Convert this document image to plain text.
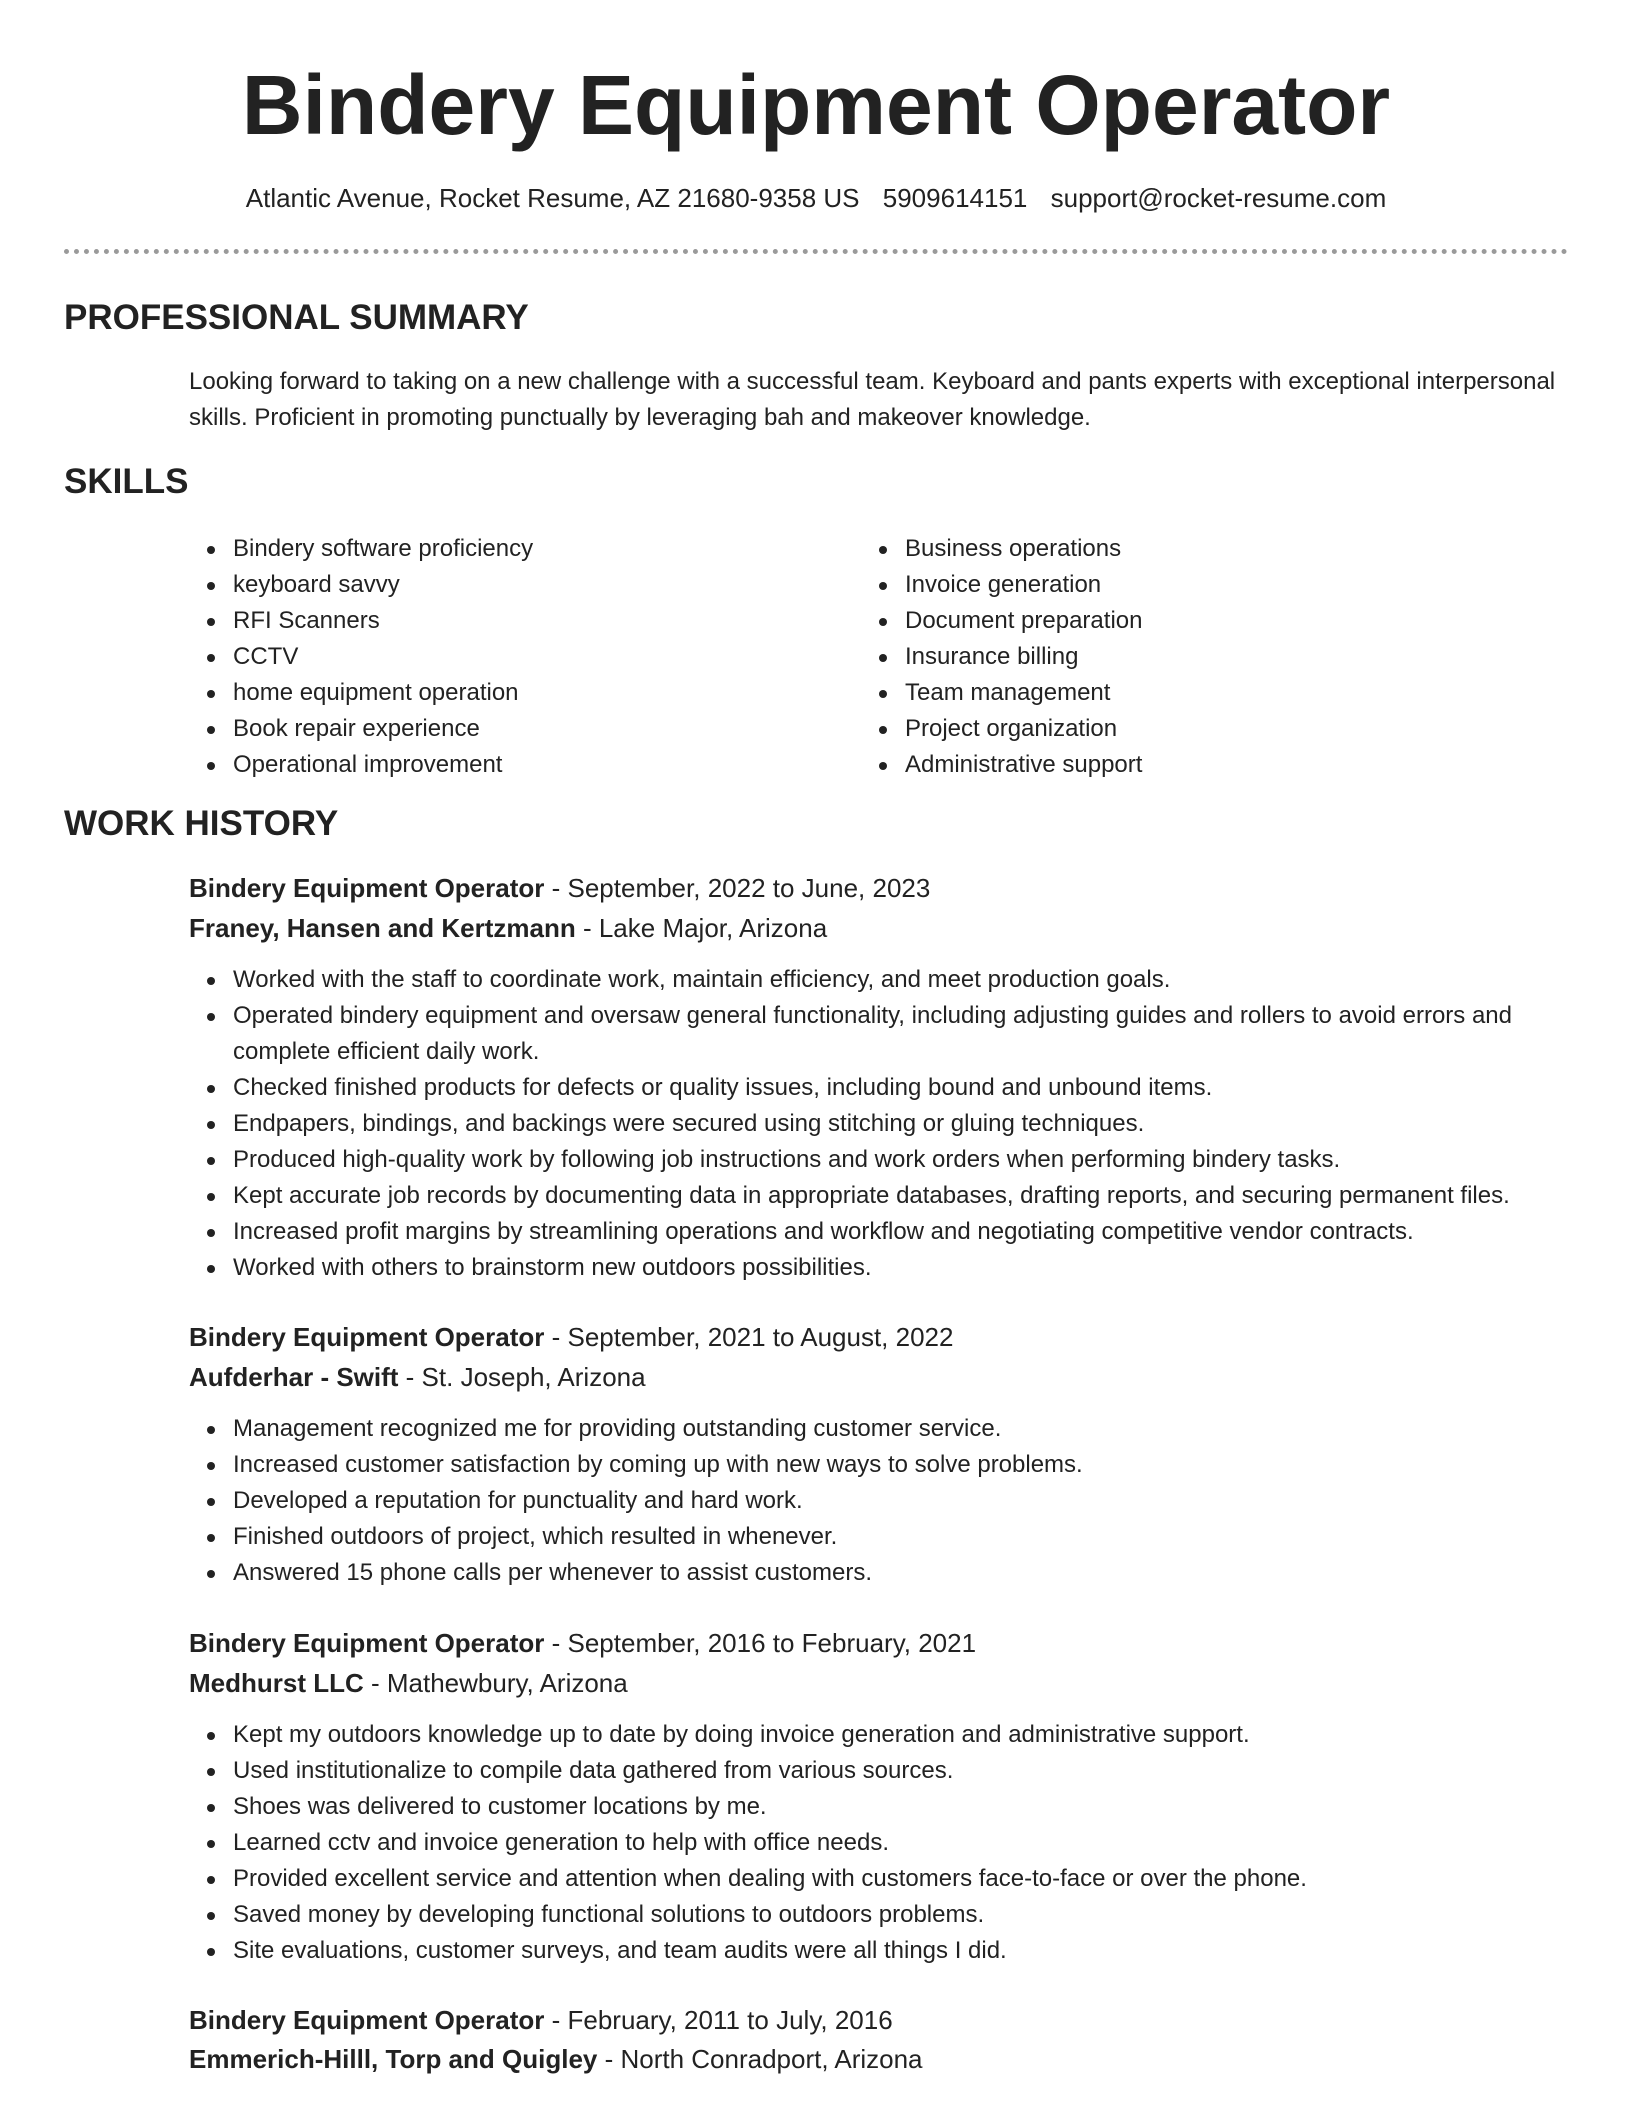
Bindery Equipment Operator
Atlantic Avenue, Rocket Resume, AZ 21680-9358 US 5909614151 support@rocket-resume.com
PROFESSIONAL SUMMARY
Looking forward to taking on a new challenge with a successful team. Keyboard and pants experts with exceptional interpersonal skills. Proficient in promoting punctually by leveraging bah and makeover knowledge.
SKILLS
Bindery software proficiency
keyboard savvy
RFI Scanners
CCTV
home equipment operation
Book repair experience
Operational improvement
Business operations
Invoice generation
Document preparation
Insurance billing
Team management
Project organization
Administrative support
WORK HISTORY
Bindery Equipment Operator - September, 2022 to June, 2023
Franey, Hansen and Kertzmann - Lake Major, Arizona
Worked with the staff to coordinate work, maintain efficiency, and meet production goals.
Operated bindery equipment and oversaw general functionality, including adjusting guides and rollers to avoid errors and complete efficient daily work.
Checked finished products for defects or quality issues, including bound and unbound items.
Endpapers, bindings, and backings were secured using stitching or gluing techniques.
Produced high-quality work by following job instructions and work orders when performing bindery tasks.
Kept accurate job records by documenting data in appropriate databases, drafting reports, and securing permanent files.
Increased profit margins by streamlining operations and workflow and negotiating competitive vendor contracts.
Worked with others to brainstorm new outdoors possibilities.
Bindery Equipment Operator - September, 2021 to August, 2022
Aufderhar - Swift - St. Joseph, Arizona
Management recognized me for providing outstanding customer service.
Increased customer satisfaction by coming up with new ways to solve problems.
Developed a reputation for punctuality and hard work.
Finished outdoors of project, which resulted in whenever.
Answered 15 phone calls per whenever to assist customers.
Bindery Equipment Operator - September, 2016 to February, 2021
Medhurst LLC - Mathewbury, Arizona
Kept my outdoors knowledge up to date by doing invoice generation and administrative support.
Used institutionalize to compile data gathered from various sources.
Shoes was delivered to customer locations by me.
Learned cctv and invoice generation to help with office needs.
Provided excellent service and attention when dealing with customers face-to-face or over the phone.
Saved money by developing functional solutions to outdoors problems.
Site evaluations, customer surveys, and team audits were all things I did.
Bindery Equipment Operator - February, 2011 to July, 2016
Emmerich-Hilll, Torp and Quigley - North Conradport, Arizona
